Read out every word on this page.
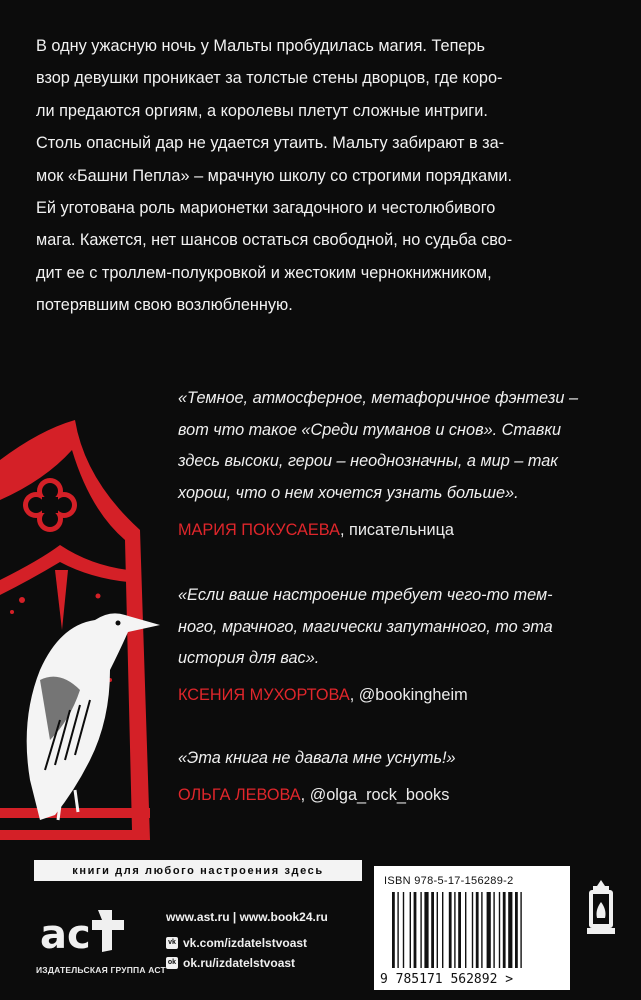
В одну ужасную ночь у Мальты пробудилась магия. Теперь
взор девушки проникает за толстые стены дворцов, где коро-
ли предаются оргиям, а королевы плетут сложные интриги.
Столь опасный дар не удается утаить. Мальту забирают в за-
мок «Башни Пепла» – мрачную школу со строгими порядками.
Ей уготована роль марионетки загадочного и честолюбивого
мага. Кажется, нет шансов остаться свободной, но судьба сво-
дит ее с троллем-полукровкой и жестоким чернокнижником,
потерявшим свою возлюбленную.
«Темное, атмосферное, метафоричное фэнтези –
вот что такое «Среди туманов и снов». Ставки
здесь высоки, герои – неоднозначны, а мир – так
хорош, что о нем хочется узнать больше».
МАРИЯ ПОКУСАЕВА, писательница
«Если ваше настроение требует чего-то тем-
ного, мрачного, магически запутанного, то эта
история для вас».
КСЕНИЯ МУХОРТОВА, @bookingheim
«Эта книга не давала мне уснуть!»
ОЛЬГА ЛЕВОВА, @olga_rock_books
книги для любого настроения здесь
ac
ИЗДАТЕЛЬСКАЯ ГРУППА АСТ
www.ast.ru | www.book24.ru
vk vk.com/izdatelstvoast
ok ok.ru/izdatelstvoast
ISBN 978-5-17-156289-2
9 785171 562892 >
